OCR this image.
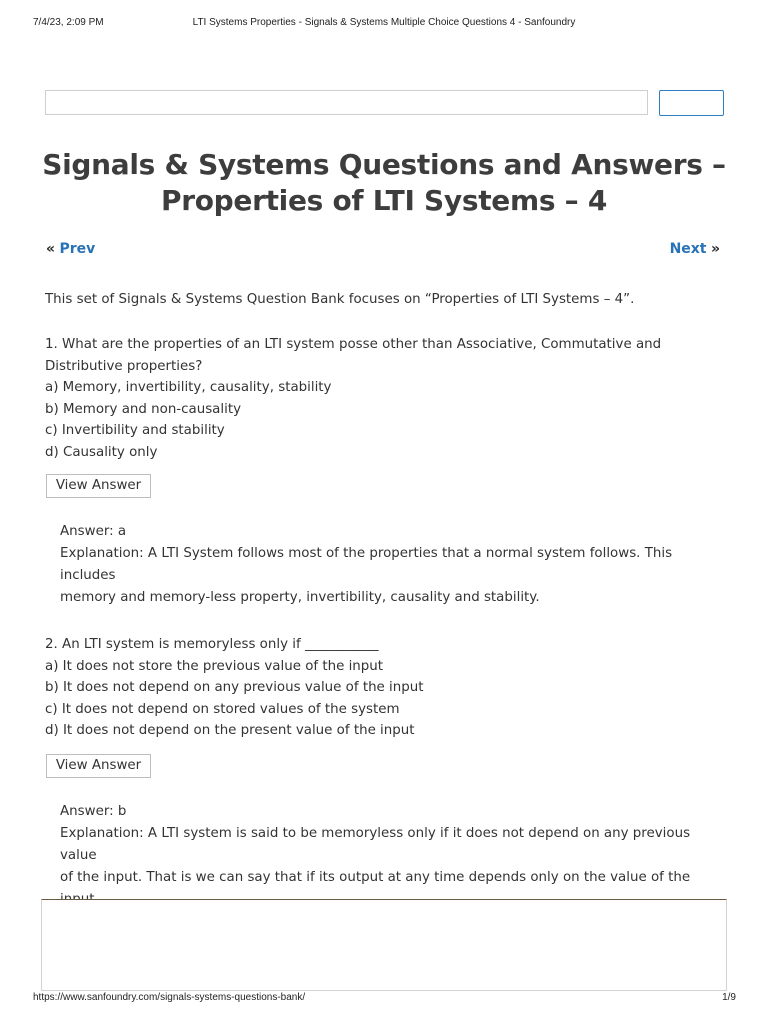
7/4/23, 2:09 PM	LTI Systems Properties - Signals & Systems Multiple Choice Questions 4 - Sanfoundry
Signals & Systems Questions and Answers –
Properties of LTI Systems – 4
« Prev	Next »
This set of Signals & Systems Question Bank focuses on “Properties of LTI Systems – 4”.

1. What are the properties of an LTI system posse other than Associative, Commutative and

Distributive properties?

a) Memory, invertibility, causality, stability

b) Memory and non-causality

c) Invertibility and stability

d) Causality only

View Answer

Answer: a

Explanation: A LTI System follows most of the properties that a normal system follows. This includes

memory and memory-less property, invertibility, causality and stability.

2. An LTI system is memoryless only if ___________

a) It does not store the previous value of the input

b) It does not depend on any previous value of the input

c) It does not depend on stored values of the system

d) It does not depend on the present value of the input

View Answer

Answer: b

Explanation: A LTI system is said to be memoryless only if it does not depend on any previous value

of the input. That is we can say that if its output at any time depends only on the value of the

https://www.sanfoundry.com/signals-systems-questions-bank/	1/9
